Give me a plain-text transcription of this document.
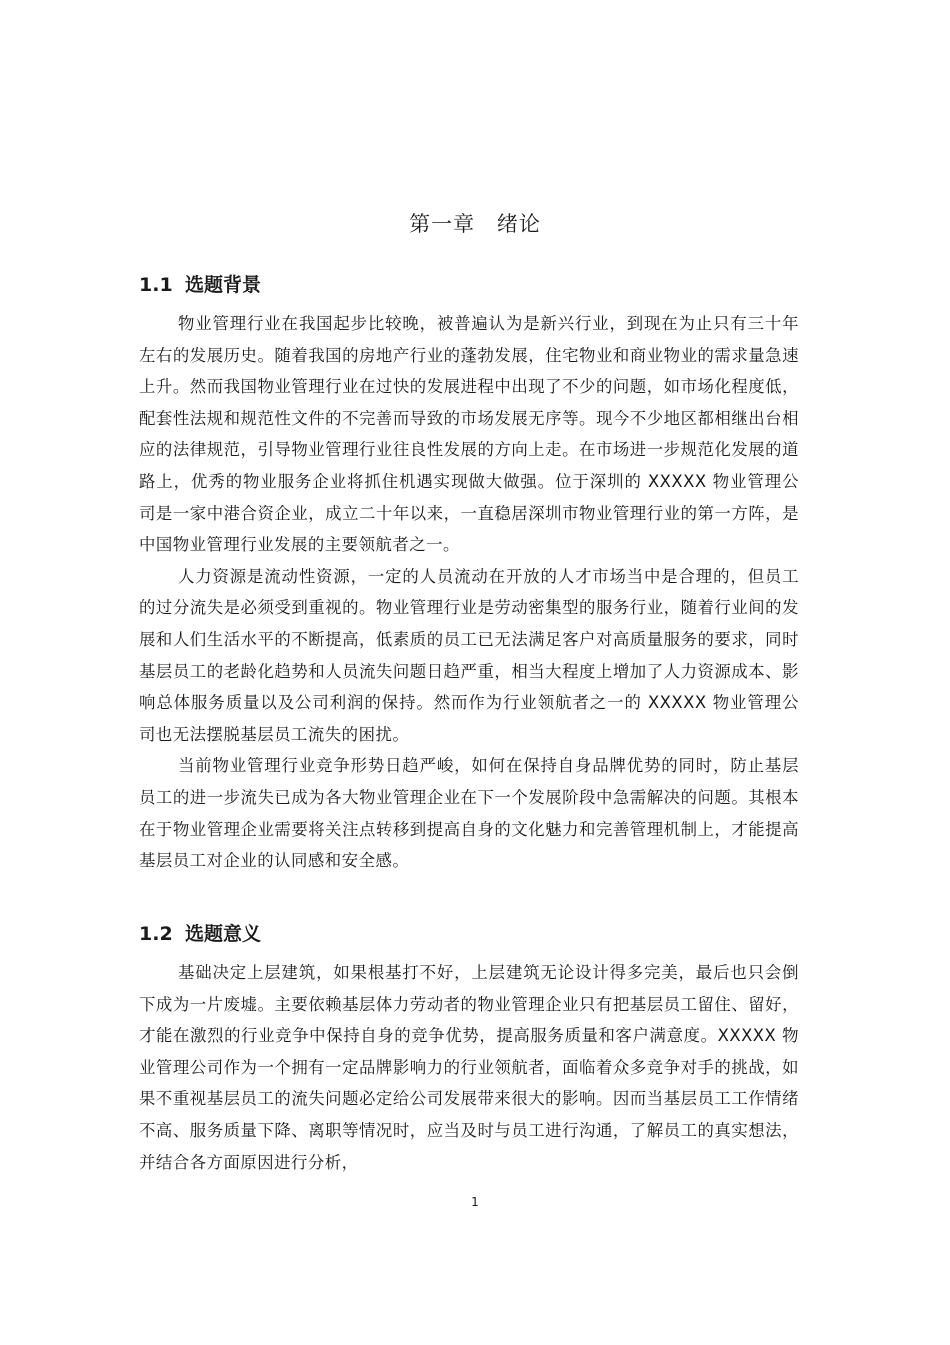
第一章 绪论
1.1 选题背景

物业管理行业在我国起步比较晚，被普遍认为是新兴行业，到现在为止只有三十年左右的发展历史。随着我国的房地产行业的蓬勃发展，住宅物业和商业物业的需求量急速上升。然而我国物业管理行业在过快的发展进程中出现了不少的问题，如市场化程度低，配套性法规和规范性文件的不完善而导致的市场发展无序等。现今不少地区都相继出台相应的法律规范，引导物业管理行业往良性发展的方向上走。在市场进一步规范化发展的道路上，优秀的物业服务企业将抓住机遇实现做大做强。位于深圳的 XXXXX 物业管理公司是一家中港合资企业，成立二十年以来，一直稳居深圳市物业管理行业的第一方阵，是中国物业管理行业发展的主要领航者之一。

人力资源是流动性资源，一定的人员流动在开放的人才市场当中是合理的，但员工的过分流失是必须受到重视的。物业管理行业是劳动密集型的服务行业，随着行业间的发展和人们生活水平的不断提高，低素质的员工已无法满足客户对高质量服务的要求，同时基层员工的老龄化趋势和人员流失问题日趋严重，相当大程度上增加了人力资源成本、影响总体服务质量以及公司利润的保持。然而作为行业领航者之一的 XXXXX 物业管理公司也无法摆脱基层员工流失的困扰。

当前物业管理行业竞争形势日趋严峻，如何在保持自身品牌优势的同时，防止基层员工的进一步流失已成为各大物业管理企业在下一个发展阶段中急需解决的问题。其根本在于物业管理企业需要将关注点转移到提高自身的文化魅力和完善管理机制上，才能提高基层员工对企业的认同感和安全感。

1.2 选题意义

基础决定上层建筑，如果根基打不好，上层建筑无论设计得多完美，最后也只会倒下成为一片废墟。主要依赖基层体力劳动者的物业管理企业只有把基层员工留住、留好，才能在激烈的行业竞争中保持自身的竞争优势，提高服务质量和客户满意度。XXXXX 物业管理公司作为一个拥有一定品牌影响力的行业领航者，面临着众多竞争对手的挑战，如果不重视基层员工的流失问题必定给公司发展带来很大的影响。因而当基层员工工作情绪不高、服务质量下降、离职等情况时，应当及时与员工进行沟通，了解员工的真实想法，并结合各方面原因进行分析，

1
